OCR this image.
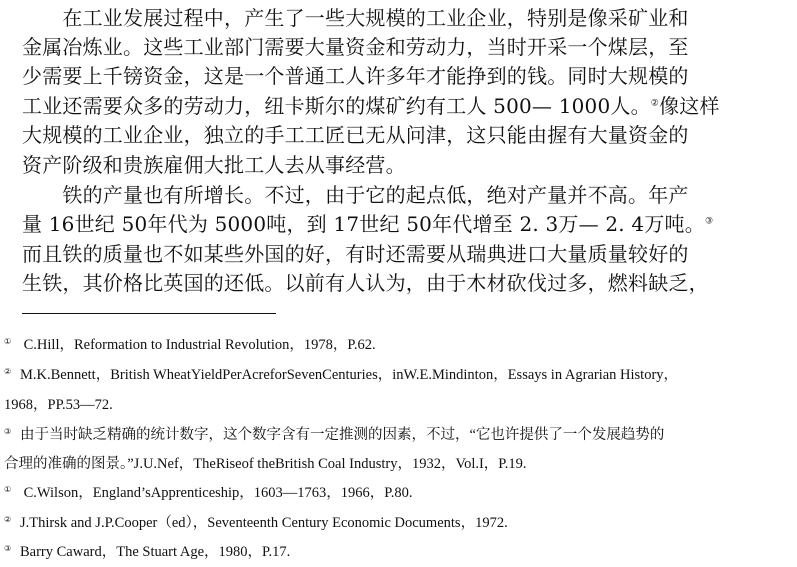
　　在工业发展过程中，产生了一些大规模的工业企业，特别是像采矿业和
金属冶炼业。这些工业部门需要大量资金和劳动力，当时开采一个煤层，至
少需要上千镑资金，这是一个普通工人许多年才能挣到的钱。同时大规模的
工业还需要众多的劳动力，纽卡斯尔的煤矿约有工人 500— 1000人。②像这样
大规模的工业企业，独立的手工工匠已无从问津，这只能由握有大量资金的
资产阶级和贵族雇佣大批工人去从事经营。
　　铁的产量也有所增长。不过，由于它的起点低，绝对产量并不高。年产
量 16世纪 50年代为 5000吨，到 17世纪 50年代增至 2. 3万— 2. 4万吨。③
而且铁的质量也不如某些外国的好，有时还需要从瑞典进口大量质量较好的
生铁，其价格比英国的还低。以前有人认为，由于木材砍伐过多，燃料缺乏，
① C.Hill，Reformation to Industrial Revolution，1978，P.62.
② M.K.Bennett，British WheatYieldPerAcreforSevenCenturies，inW.E.Mindinton，Essays in Agrarian History，
1968，PP.53—72.
③ 由于当时缺乏精确的统计数字，这个数字含有一定推测的因素，不过，“它也许提供了一个发展趋势的
合理的准确的图景。”J.U.Nef，TheRiseof theBritish Coal Industry，1932，Vol.I，P.19.
① C.Wilson，England’sApprenticeship，1603—1763，1966，P.80.
② J.Thirsk and J.P.Cooper（ed），Seventeenth Century Economic Documents，1972.
③ Barry Caward，The Stuart Age，1980，P.17.
